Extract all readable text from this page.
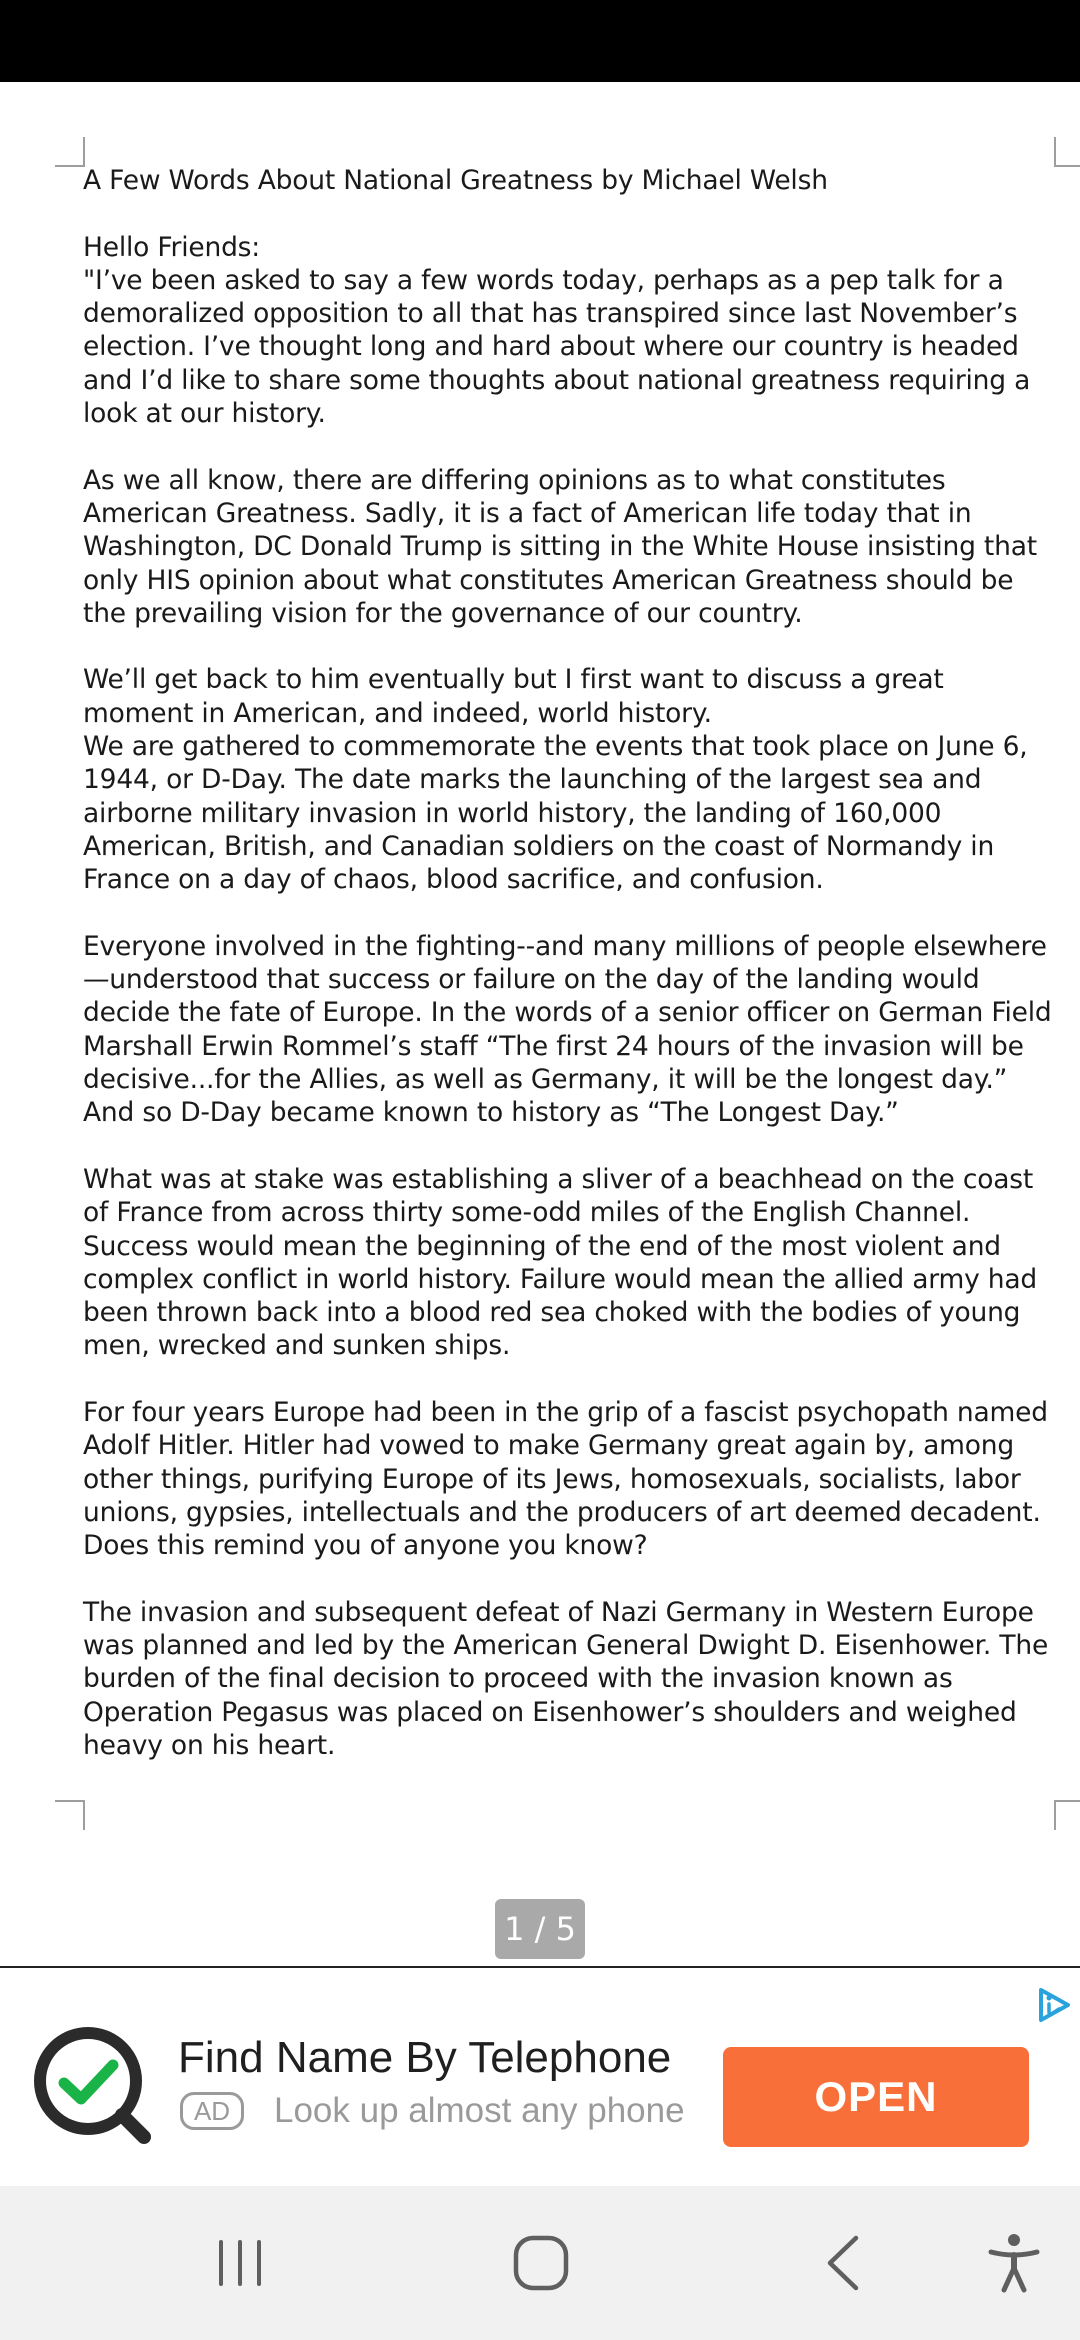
A Few Words About National Greatness by Michael Welsh
Hello Friends:
"I’ve been asked to say a few words today, perhaps as a pep talk for a demoralized opposition to all that has transpired since last November’s election. I’ve thought long and hard about where our country is headed and I’d like to share some thoughts about national greatness requiring a look at our history.
As we all know, there are differing opinions as to what constitutes American Greatness. Sadly, it is a fact of American life today that in Washington, DC Donald Trump is sitting in the White House insisting that only HIS opinion about what constitutes American Greatness should be the prevailing vision for the governance of our country.
We’ll get back to him eventually but I first want to discuss a great moment in American, and indeed, world history.
We are gathered to commemorate the events that took place on June 6, 1944, or D-Day. The date marks the launching of the largest sea and airborne military invasion in world history, the landing of 160,000 American, British, and Canadian soldiers on the coast of Normandy in France on a day of chaos, blood sacrifice, and confusion.
Everyone involved in the fighting--and many millions of people elsewhere—understood that success or failure on the day of the landing would decide the fate of Europe. In the words of a senior officer on German Field Marshall Erwin Rommel’s staff “The first 24 hours of the invasion will be decisive...for the Allies, as well as Germany, it will be the longest day.” And so D-Day became known to history as “The Longest Day.”
What was at stake was establishing a sliver of a beachhead on the coast of France from across thirty some-odd miles of the English Channel. Success would mean the beginning of the end of the most violent and complex conflict in world history. Failure would mean the allied army had been thrown back into a blood red sea choked with the bodies of young men, wrecked and sunken ships.
For four years Europe had been in the grip of a fascist psychopath named Adolf Hitler. Hitler had vowed to make Germany great again by, among other things, purifying Europe of its Jews, homosexuals, socialists, labor unions, gypsies, intellectuals and the producers of art deemed decadent. Does this remind you of anyone you know?
The invasion and subsequent defeat of Nazi Germany in Western Europe was planned and led by the American General Dwight D. Eisenhower. The burden of the final decision to proceed with the invasion known as Operation Pegasus was placed on Eisenhower’s shoulders and weighed heavy on his heart.
1 / 5
Find Name By Telephone
AD	Look up almost any phone	OPEN
